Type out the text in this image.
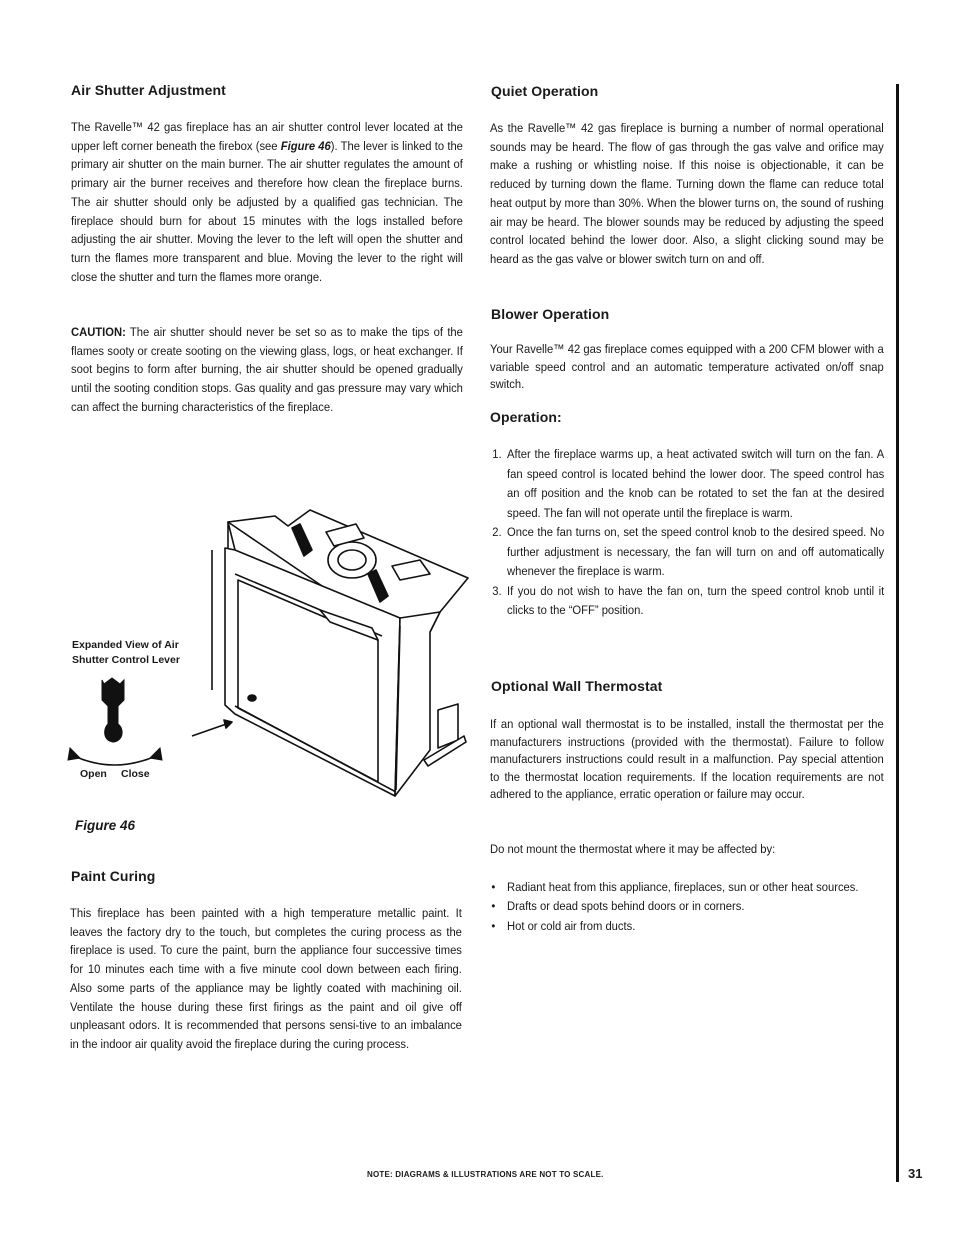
Air Shutter Adjustment

The Ravelle™ 42 gas fireplace has an air shutter control lever located at the upper left corner beneath the firebox (see Figure 46). The lever is linked to the primary air shutter on the main burner. The air shutter regulates the amount of primary air the burner receives and therefore how clean the fireplace burns. The air shutter should only be adjusted by a qualified gas technician. The fireplace should burn for about 15 minutes with the logs installed before adjusting the air shutter. Moving the lever to the left will open the shutter and turn the flames more transparent and blue. Moving the lever to the right will close the shutter and turn the flames more orange.

CAUTION: The air shutter should never be set so as to make the tips of the flames sooty or create sooting on the viewing glass, logs, or heat exchanger. If soot begins to form after burning, the air shutter should be opened gradually until the sooting condition stops. Gas quality and gas pressure may vary which can affect the burning characteristics of the fireplace.

Expanded View of Air
Shutter Control Lever
Open Close
Figure 46
Paint Curing

This fireplace has been painted with a high temperature metallic paint. It leaves the factory dry to the touch, but completes the curing process as the fireplace is used. To cure the paint, burn the appliance four successive times for 10 minutes each time with a five minute cool down between each firing. Also some parts of the appliance may be lightly coated with machining oil. Ventilate the house during these first firings as the paint and oil give off unpleasant odors. It is recommended that persons sensi-tive to an imbalance in the indoor air quality avoid the fireplace during the curing process.

Quiet Operation

As the Ravelle™ 42 gas fireplace is burning a number of normal operational sounds may be heard. The flow of gas through the gas valve and orifice may make a rushing or whistling noise. If this noise is objectionable, it can be reduced by turning down the flame. Turning down the flame can reduce total heat output by more than 30%. When the blower turns on, the sound of rushing air may be heard. The blower sounds may be reduced by adjusting the speed control located behind the lower door. Also, a slight clicking sound may be heard as the gas valve or blower switch turn on and off.

Blower Operation

Your Ravelle™ 42 gas fireplace comes equipped with a 200 CFM blower with a variable speed control and an automatic temperature activated on/off snap switch.

Operation:
1. After the fireplace warms up, a heat activated switch will turn on the fan. A fan speed control is located behind the lower door. The speed control has an off position and the knob can be rotated to set the fan at the desired speed. The fan will not operate until the fireplace is warm.
2. Once the fan turns on, set the speed control knob to the desired speed. No further adjustment is necessary, the fan will turn on and off automatically whenever the fireplace is warm.
3. If you do not wish to have the fan on, turn the speed control knob until it clicks to the “OFF” position.
Optional Wall Thermostat

If an optional wall thermostat is to be installed, install the thermostat per the manufacturers instructions (provided with the thermostat). Failure to follow manufacturers instructions could result in a malfunction. Pay special attention to the thermostat location requirements. If the location requirements are not adhered to the appliance, erratic operation or failure may occur.

Do not mount the thermostat where it may be affected by:

• Radiant heat from this appliance, fireplaces, sun or other heat sources.
• Drafts or dead spots behind doors or in corners.
• Hot or cold air from ducts.
NOTE: DIAGRAMS & ILLUSTRATIONS ARE NOT TO SCALE.	31
